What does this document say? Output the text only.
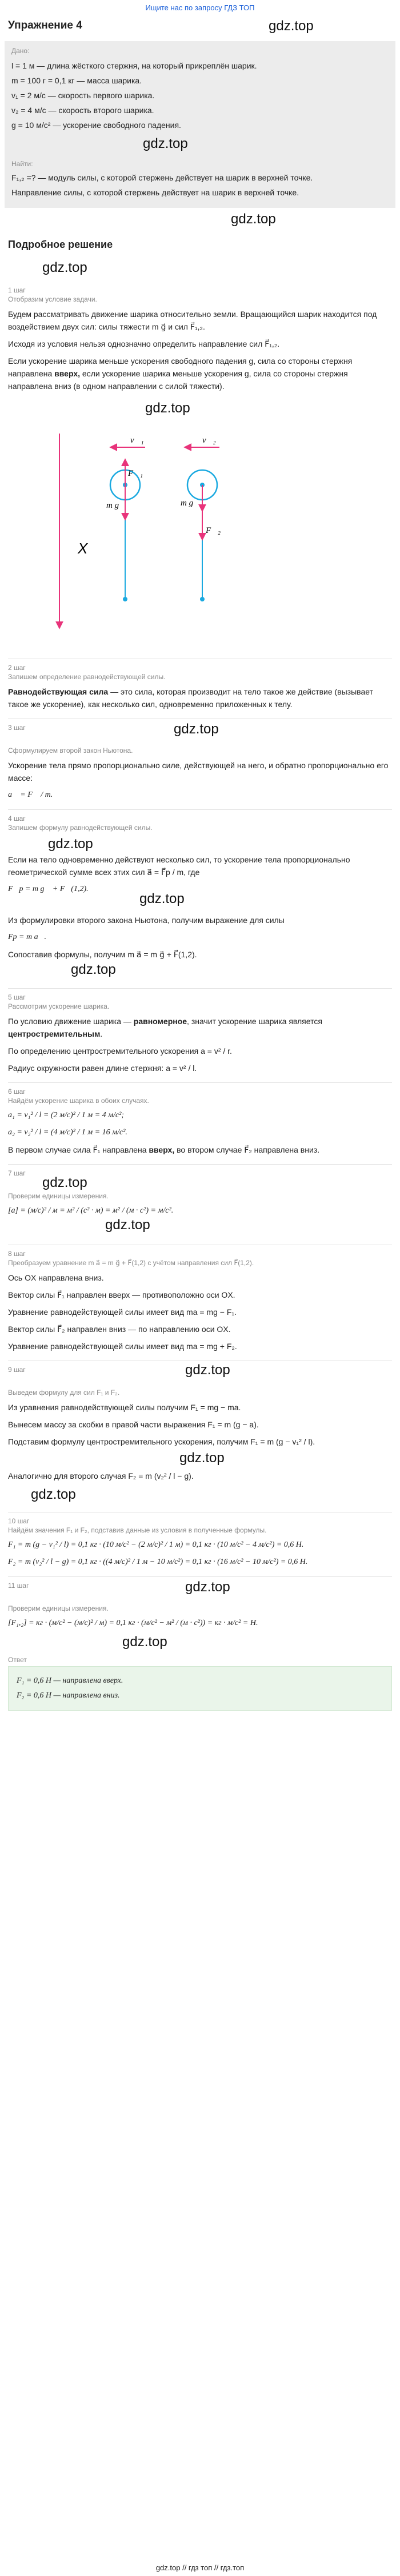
Ищите нас по запросу ГДЗ ТОП
Упражнение 4	gdz.top
Дано:
l = 1 м — длина жёсткого стержня, на который прикреплён шарик.
m = 100 г = 0,1 кг — масса шарика.
v₁ = 2 м/с — скорость первого шарика.
v₂ = 4 м/с — скорость второго шарика.
g = 10 м/с² — ускорение свободного падения.
gdz.top
Найти:
F₁,₂ =? — модуль силы, с которой стержень действует на шарик в верхней точке.
Направление силы, с которой стержень действует на шарик в верхней точке.
gdz.top
Подробное решение
gdz.top
1 шаг
Отобразим условие задачи.

Будем рассматривать движение шарика относительно земли. Вращающийся шарик находится под воздействием двух сил: силы тяжести m g⃗ и сил F⃗₁,₂.

Исходя из условия нельзя однозначно определить направление сил F⃗₁,₂.

Если ускорение шарика меньше ускорения свободного падения g, сила со стороны стержня направлена вверх, если ускорение шарика меньше ускорения g, сила со стороны стержня направлена вниз (в одном направлении с силой тяжести).

gdz.top
X
v⃗₁
F⃗₁
m g⃗
v⃗₂
m g⃗
F⃗₂
2 шаг
Запишем определение равнодействующей силы.

Равнодействующая сила — это сила, которая производит на тело такое же действие (вызывает такое же ускорение), как несколько сил, одновременно приложенных к телу.

3 шаг	gdz.top
Сформулируем второй закон Ньютона.

Ускорение тела прямо пропорционально силе, действующей на него, и обратно пропорционально его массе:

a⃗ = F⃗ / m.

4 шаг
Запишем формулу равнодействующей силы.
gdz.top

Если на тело одновременно действуют несколько сил, то ускорение тела пропорционально геометрической сумме всех этих сил a⃗ = F⃗р / m, где

F⃗р = m g⃗ + F⃗(1,2).

gdz.top

Из формулировки второго закона Ньютона, получим выражение для силы

Fр = m a⃗.

Сопоставив формулы, получим m a⃗ = m g⃗ + F⃗(1,2).

gdz.top
5 шаг
Рассмотрим ускорение шарика.

По условию движение шарика — равномерное, значит ускорение шарика является центростремительным.

По определению центростремительного ускорения a = v² / r.

Радиус окружности равен длине стержня: a = v² / l.

6 шаг
Найдём ускорение шарика в обоих случаях.

a₁ = v₁² / l = (2 м/с)² / 1 м = 4 м/с²;

a₂ = v₂² / l = (4 м/с)² / 1 м = 16 м/с².

В первом случае сила F⃗₁ направлена вверх, во втором случае F⃗₂ направлена вниз.

7 шаг
gdz.top
Проверим единицы измерения.

[a] = (м/с)² / м = м² / (с² · м) = м² / (м · с²) = м/с².

gdz.top
8 шаг
Преобразуем уравнение m a⃗ = m g⃗ + F⃗(1,2) с учётом направления сил F⃗(1,2).

Ось OX направлена вниз.

Вектор силы F⃗₁ направлен вверх — противоположно оси OX.

Уравнение равнодействующей силы имеет вид ma = mg − F₁.

Вектор силы F⃗₂ направлен вниз — по направлению оси OX.

Уравнение равнодействующей силы имеет вид ma = mg + F₂.

9 шаг	gdz.top
Выведем формулу для сил F₁ и F₂.

Из уравнения равнодействующей силы получим F₁ = mg − ma.

Вынесем массу за скобки в правой части выражения F₁ = m (g − a).

Подставим формулу центростремительного ускорения, получим F₁ = m (g − v₁² / l).

gdz.top

Аналогично для второго случая F₂ = m (v₂² / l − g).

gdz.top
10 шаг
Найдём значения F₁ и F₂, подставив данные из условия в полученные формулы.

F₁ = m (g − v₁² / l) = 0,1 кг · (10 м/с² − (2 м/с)² / 1 м) = 0,1 кг · (10 м/с² − 4 м/с²) = 0,6 Н.

F₂ = m (v₂² / l − g) = 0,1 кг · ((4 м/с)² / 1 м − 10 м/с²) = 0,1 кг · (16 м/с² − 10 м/с²) = 0,6 Н.

11 шаг	gdz.top
Проверим единицы измерения.

[F₁,₂] = кг · (м/с² − (м/с)² / м) = 0,1 кг · (м/с² − м² / (м · с²)) = кг · м/с² = Н.

gdz.top
Ответ

F₁ = 0,6 Н — направлена вверх.

F₂ = 0,6 Н — направлена вниз.

gdz.top // гдз топ // гдз.топ
